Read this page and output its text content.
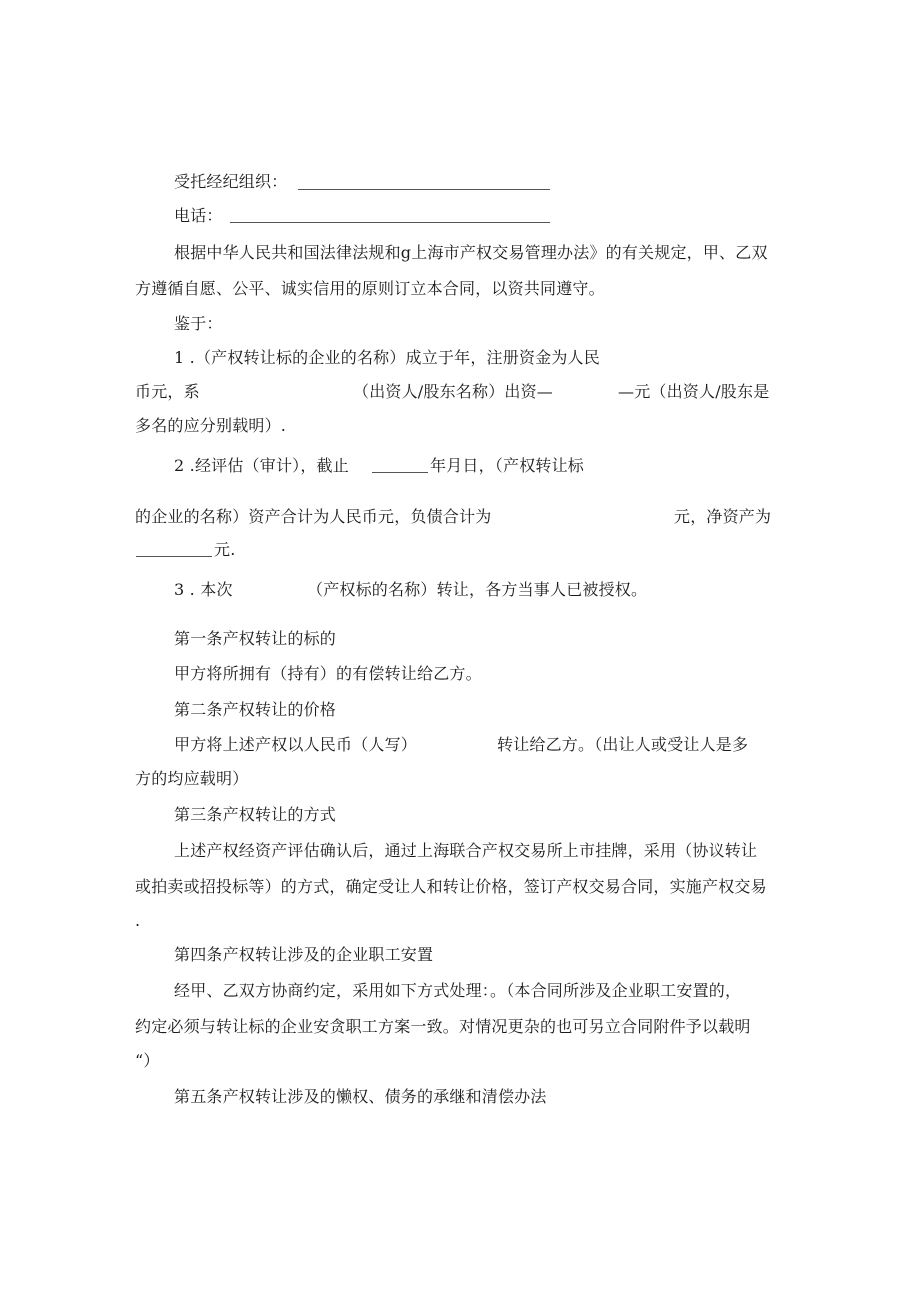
受托经纪组织：
电话：
根据中华人民共和国法律法规和g上海市产权交易管理办法》的有关规定，甲、乙双
方遵循自愿、公平、诚实信用的原则订立本合同，以资共同遵守。
鉴于：
1 .（产权转让标的企业的名称）成立于年，注册资金为人民
币元，系	（出资人/股东名称）出资—	—元（出资人/股东是
多名的应分别载明）.
2 .经评估（审计），截止	年月日，（产权转让标
的企业的名称）资产合计为人民币元，负债合计为	元，净资产为
元.
3 . 本次	（产权标的名称）转让，各方当事人已被授权。
第一条产权转让的标的
甲方将所拥有（持有）的有偿转让给乙方。
第二条产权转让的价格
甲方将上述产权以人民币（人写）	转让给乙方。（出让人或受让人是多
方的均应载明）
第三条产权转让的方式
上述产权经资产评估确认后，通过上海联合产权交易所上市挂牌，采用（协议转让
或拍卖或招投标等）的方式，确定受让人和转让价格，签订产权交易合同，实施产权交易
.
第四条产权转让涉及的企业职工安置
经甲、乙双方协商约定，采用如下方式处理：。（本合同所涉及企业职工安置的，
约定必须与转让标的企业安贪职工方案一致。对情况更杂的也可另立合同附件予以载明
“）
第五条产权转让涉及的懒权、债务的承继和清偿办法
